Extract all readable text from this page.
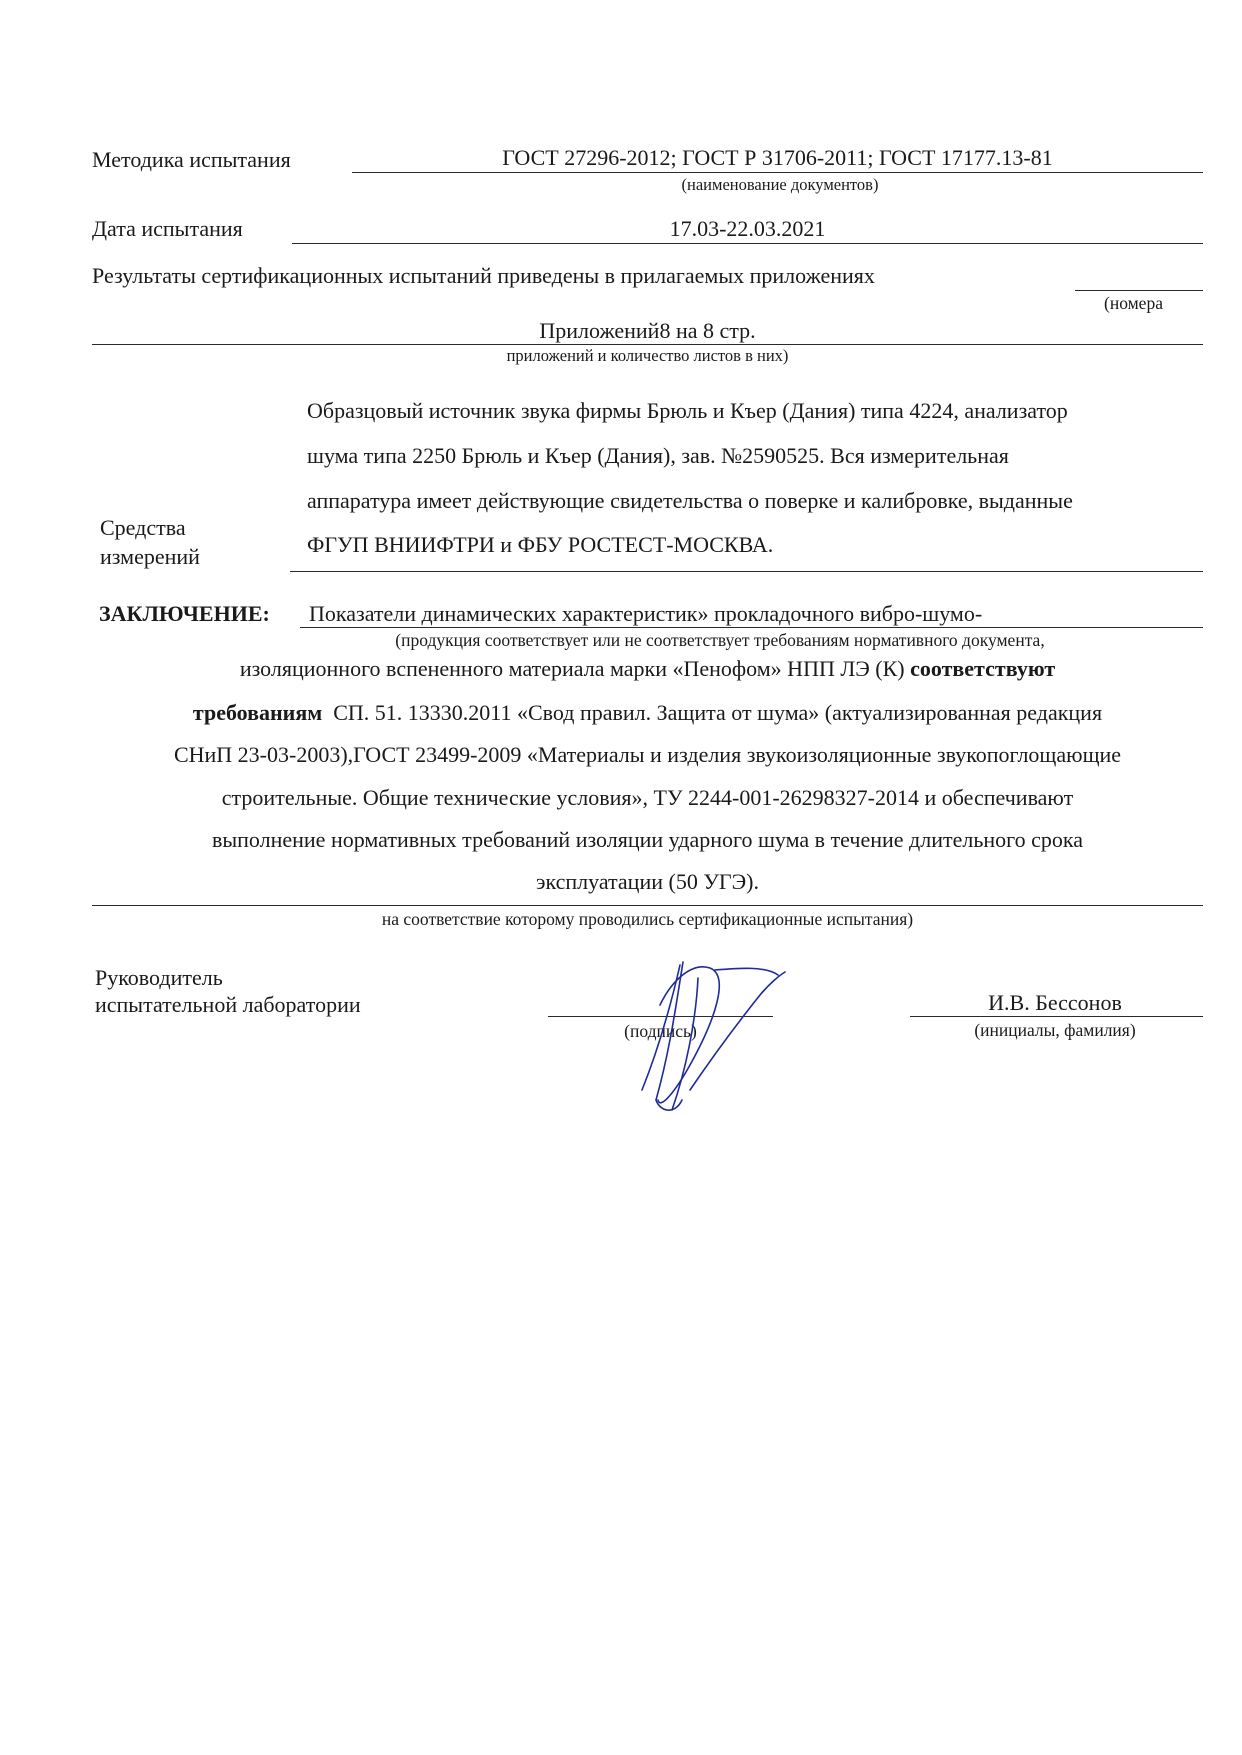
Методика испытания	ГОСТ 27296-2012; ГОСТ Р 31706-2011; ГОСТ 17177.13-81
(наименование документов)
Дата испытания	17.03-22.03.2021
Результаты сертификационных испытаний приведены в прилагаемых приложениях
(номера
Приложений8 на 8 стр.
приложений и количество листов в них)
Образцовый источник звука фирмы Брюль и Къер (Дания) типа 4224, анализатор
шума типа 2250 Брюль и Къер (Дания), зав. №2590525. Вся измерительная
аппаратура имеет действующие свидетельства о поверке и калибровке, выданные
ФГУП ВНИИФТРИ и ФБУ РОСТЕСТ-МОСКВА.
Средства
измерений
ЗАКЛЮЧЕНИЕ: Показатели динамических характеристик» прокладочного вибро-шумо-
(продукция соответствует или не соответствует требованиям нормативного документа,
изоляционного вспененного материала марки «Пенофом» НПП ЛЭ (К) соответствуют
требованиям  СП. 51. 13330.2011 «Свод правил. Защита от шума» (актуализированная редакция
СНиП 23-03-2003),ГОСТ 23499-2009 «Материалы и изделия звукоизоляционные звукопоглощающие
строительные. Общие технические условия», ТУ 2244-001-26298327-2014 и обеспечивают
выполнение нормативных требований изоляции ударного шума в течение длительного срока
эксплуатации (50 УГЭ).
на соответствие которому проводились сертификационные испытания)
Руководитель
испытательной лаборатории
(подпись)
И.В. Бессонов
(инициалы, фамилия)
